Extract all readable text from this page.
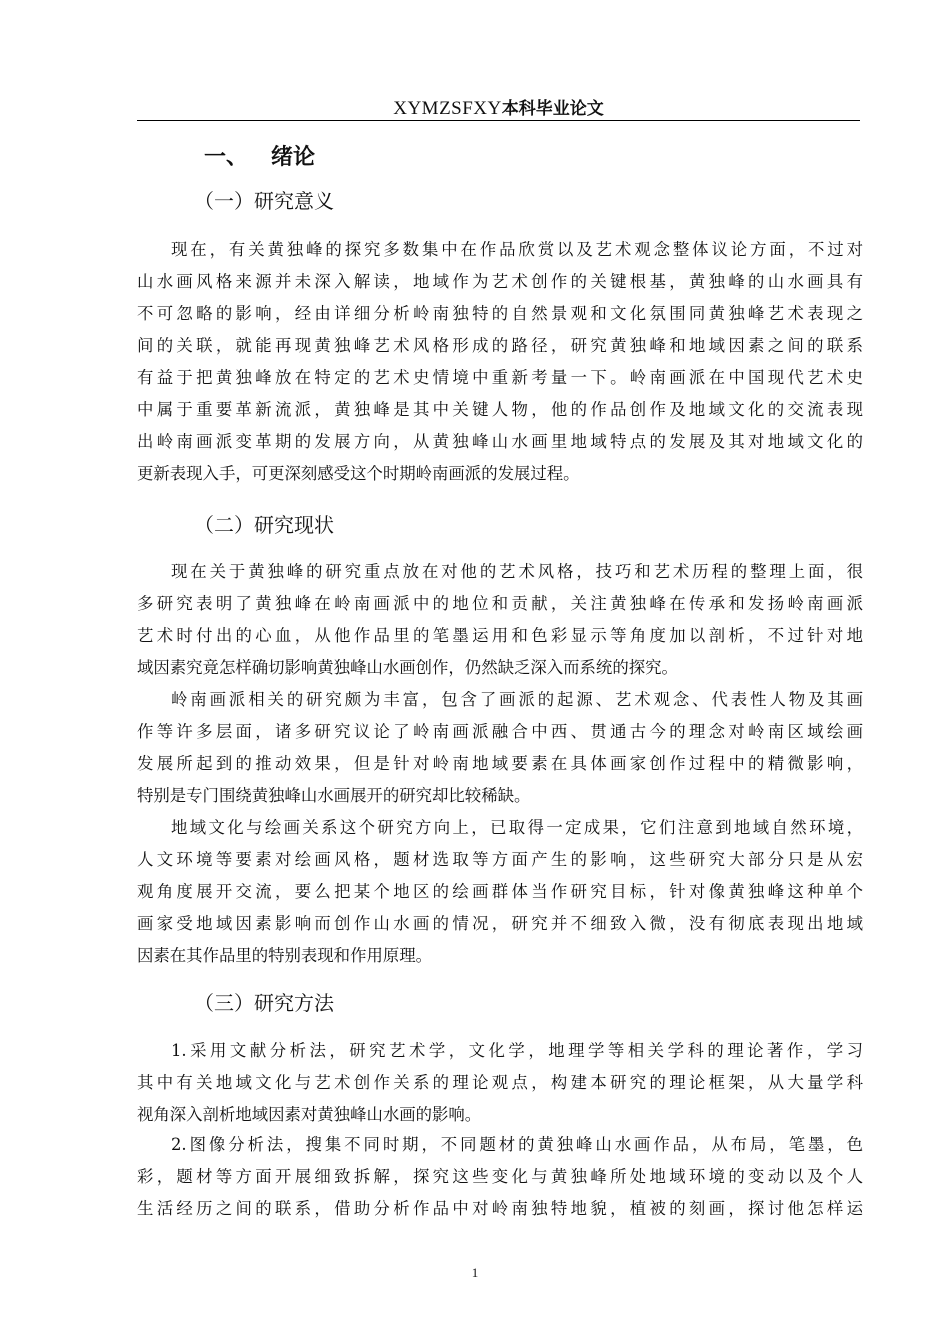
XYMZSFXY本科毕业论文
一、 绪论
（一）研究意义
现在，有关黄独峰的探究多数集中在作品欣赏以及艺术观念整体议论方面，不过对
山水画风格来源并未深入解读，地域作为艺术创作的关键根基，黄独峰的山水画具有
不可忽略的影响，经由详细分析岭南独特的自然景观和文化氛围同黄独峰艺术表现之
间的关联，就能再现黄独峰艺术风格形成的路径，研究黄独峰和地域因素之间的联系
有益于把黄独峰放在特定的艺术史情境中重新考量一下。岭南画派在中国现代艺术史
中属于重要革新流派，黄独峰是其中关键人物，他的作品创作及地域文化的交流表现
出岭南画派变革期的发展方向，从黄独峰山水画里地域特点的发展及其对地域文化的
更新表现入手，可更深刻感受这个时期岭南画派的发展过程。
（二）研究现状
现在关于黄独峰的研究重点放在对他的艺术风格，技巧和艺术历程的整理上面，很
多研究表明了黄独峰在岭南画派中的地位和贡献，关注黄独峰在传承和发扬岭南画派
艺术时付出的心血，从他作品里的笔墨运用和色彩显示等角度加以剖析，不过针对地
域因素究竟怎样确切影响黄独峰山水画创作，仍然缺乏深入而系统的探究。
岭南画派相关的研究颇为丰富，包含了画派的起源、艺术观念、代表性人物及其画
作等许多层面，诸多研究议论了岭南画派融合中西、贯通古今的理念对岭南区域绘画
发展所起到的推动效果，但是针对岭南地域要素在具体画家创作过程中的精微影响，
特别是专门围绕黄独峰山水画展开的研究却比较稀缺。
地域文化与绘画关系这个研究方向上，已取得一定成果，它们注意到地域自然环境，
人文环境等要素对绘画风格，题材选取等方面产生的影响，这些研究大部分只是从宏
观角度展开交流，要么把某个地区的绘画群体当作研究目标，针对像黄独峰这种单个
画家受地域因素影响而创作山水画的情况，研究并不细致入微，没有彻底表现出地域
因素在其作品里的特别表现和作用原理。
（三）研究方法
1.采用文献分析法，研究艺术学，文化学，地理学等相关学科的理论著作，学习
其中有关地域文化与艺术创作关系的理论观点，构建本研究的理论框架，从大量学科
视角深入剖析地域因素对黄独峰山水画的影响。
2.图像分析法，搜集不同时期，不同题材的黄独峰山水画作品，从布局，笔墨，色
彩，题材等方面开展细致拆解，探究这些变化与黄独峰所处地域环境的变动以及个人
生活经历之间的联系，借助分析作品中对岭南独特地貌，植被的刻画，探讨他怎样运
1
